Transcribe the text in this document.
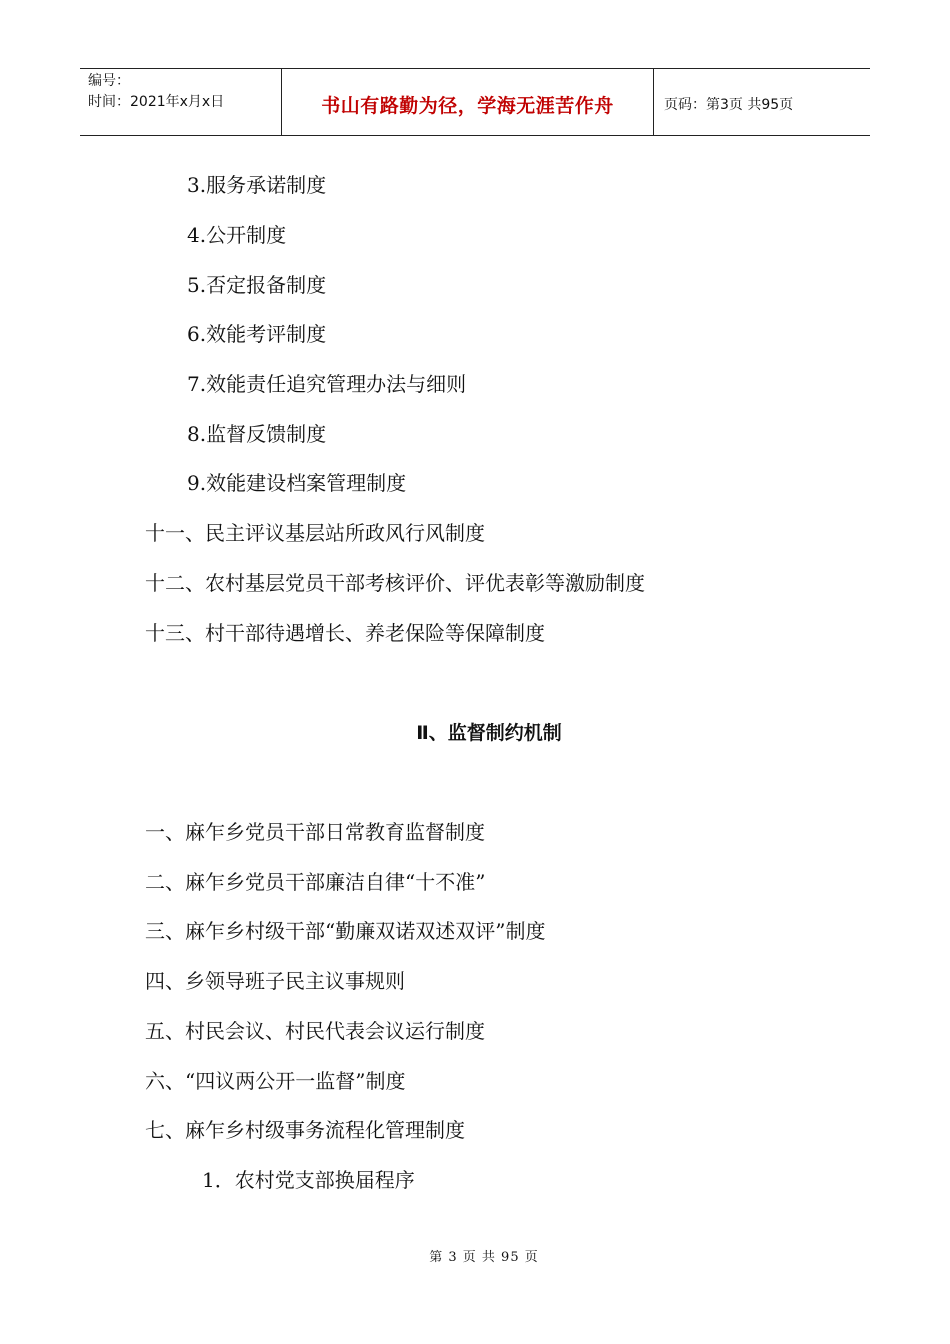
编号：
时间：2021年x月x日	书山有路勤为径，学海无涯苦作舟	页码：第3页 共95页
3.服务承诺制度
4.公开制度
5.否定报备制度
6.效能考评制度
7.效能责任追究管理办法与细则
8.监督反馈制度
9.效能建设档案管理制度
十一、民主评议基层站所政风行风制度
十二、农村基层党员干部考核评价、评优表彰等激励制度
十三、村干部待遇增长、养老保险等保障制度
Ⅱ、监督制约机制
一、麻乍乡党员干部日常教育监督制度
二、麻乍乡党员干部廉洁自律“十不准”
三、麻乍乡村级干部“勤廉双诺双述双评”制度
四、乡领导班子民主议事规则
五、村民会议、村民代表会议运行制度
六、“四议两公开一监督”制度
七、麻乍乡村级事务流程化管理制度
1．农村党支部换届程序
第 3 页 共 95 页
